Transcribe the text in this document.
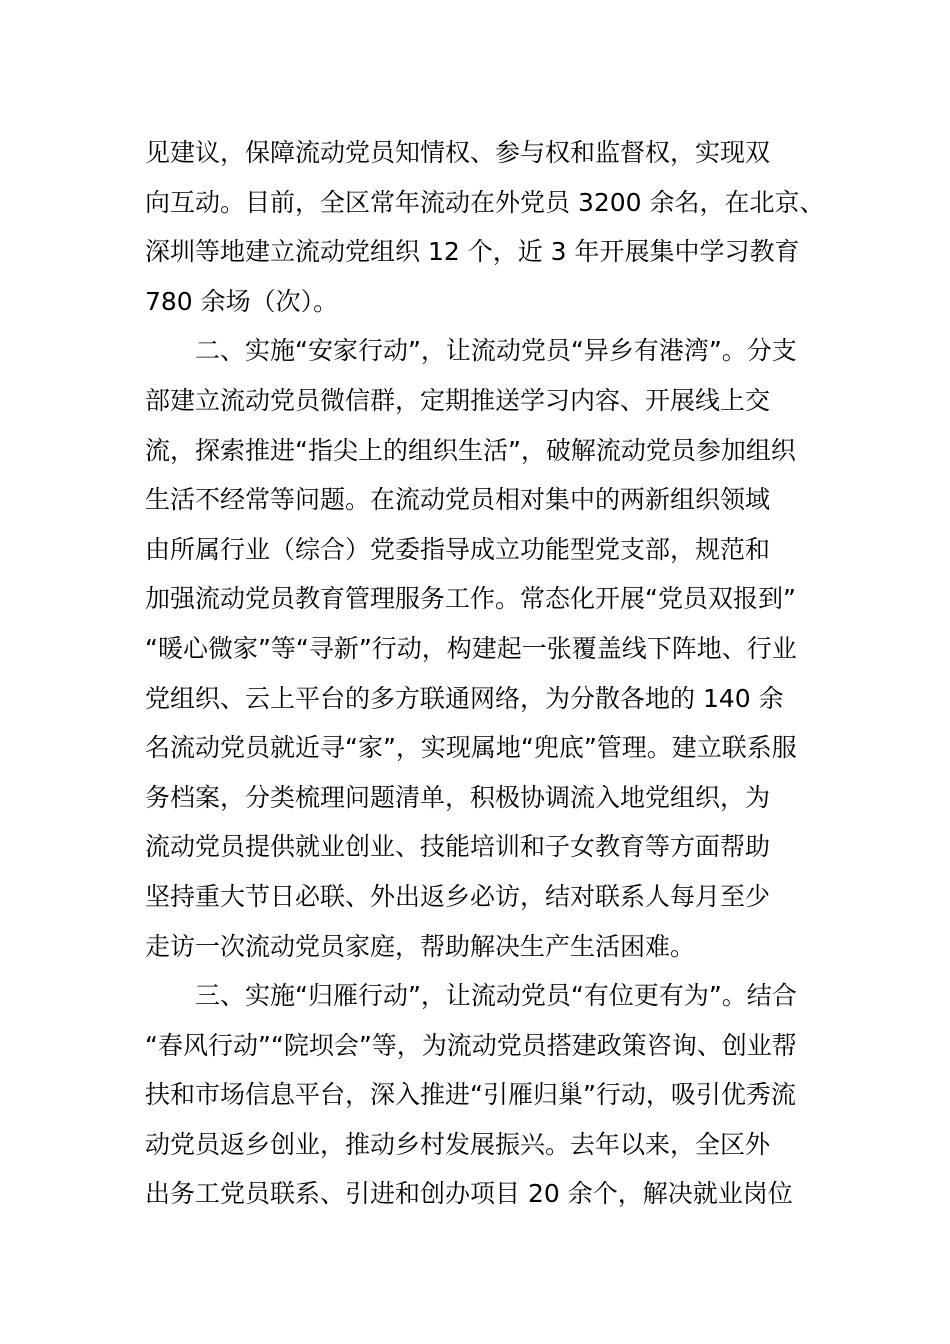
见建议，保障流动党员知情权、参与权和监督权，实现双
向互动。目前，全区常年流动在外党员 3200 余名，在北京、
深圳等地建立流动党组织 12 个，近 3 年开展集中学习教育
780 余场（次）。
二、实施“安家行动”，让流动党员“异乡有港湾”。分支
部建立流动党员微信群，定期推送学习内容、开展线上交
流，探索推进“指尖上的组织生活”，破解流动党员参加组织
生活不经常等问题。在流动党员相对集中的两新组织领域
由所属行业（综合）党委指导成立功能型党支部，规范和
加强流动党员教育管理服务工作。常态化开展“党员双报到”
“暖心微家”等“寻新”行动，构建起一张覆盖线下阵地、行业
党组织、云上平台的多方联通网络，为分散各地的 140 余
名流动党员就近寻“家”，实现属地“兜底”管理。建立联系服
务档案，分类梳理问题清单，积极协调流入地党组织，为
流动党员提供就业创业、技能培训和子女教育等方面帮助
坚持重大节日必联、外出返乡必访，结对联系人每月至少
走访一次流动党员家庭，帮助解决生产生活困难。
三、实施“归雁行动”，让流动党员“有位更有为”。结合
“春风行动”“院坝会”等，为流动党员搭建政策咨询、创业帮
扶和市场信息平台，深入推进“引雁归巢”行动，吸引优秀流
动党员返乡创业，推动乡村发展振兴。去年以来，全区外
出务工党员联系、引进和创办项目 20 余个，解决就业岗位
